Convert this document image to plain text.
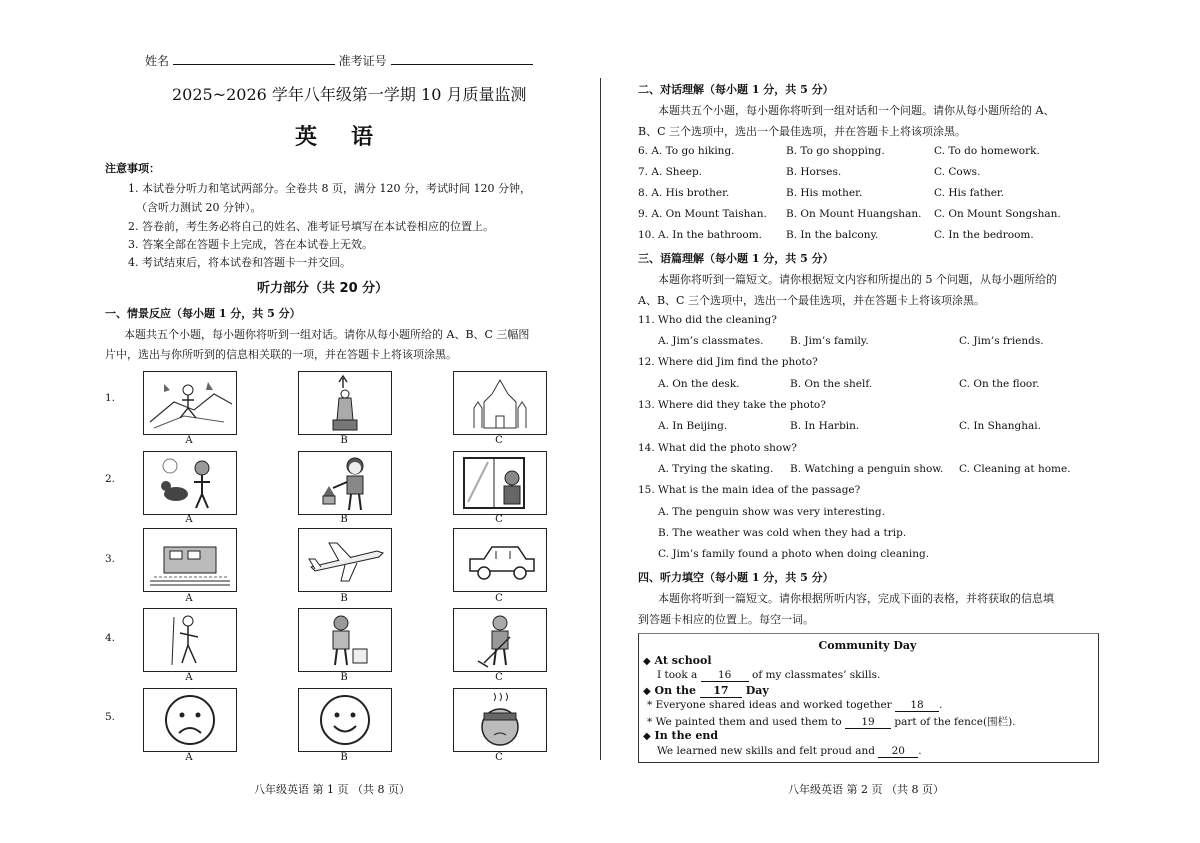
姓名	准考证号
2025~2026 学年八年级第一学期 10 月质量监测
英　语
注意事项：
1. 本试卷分听力和笔试两部分。全卷共 8 页，满分 120 分，考试时间 120 分钟，
（含听力测试 20 分钟）。
2. 答卷前，考生务必将自己的姓名、准考证号填写在本试卷相应的位置上。
3. 答案全部在答题卡上完成，答在本试卷上无效。
4. 考试结束后，将本试卷和答题卡一并交回。
听力部分（共 20 分）
一、情景反应（每小题 1 分，共 5 分）
本题共五个小题，每小题你将听到一组对话。请你从每小题所给的 A、B、C 三幅图
片中，选出与你所听到的信息相关联的一项，并在答题卡上将该项涂黑。
1.
A	B	C
2.
A	B	C
3.
A	B	C
4.
A	B	C
5.
A	B	C
八年级英语 第 1 页 （共 8 页）
二、对话理解（每小题 1 分，共 5 分）
本题共五个小题，每小题你将听到一组对话和一个问题。请你从每小题所给的 A、
B、C 三个选项中，选出一个最佳选项，并在答题卡上将该项涂黑。
6. A. To go hiking.	B. To go shopping.	C. To do homework.
7. A. Sheep.	B. Horses.	C. Cows.
8. A. His brother.	B. His mother.	C. His father.
9. A. On Mount Taishan. B. On Mount Huangshan. C. On Mount Songshan.
10. A. In the bathroom. B. In the balcony.	C. In the bedroom.
三、语篇理解（每小题 1 分，共 5 分）
本题你将听到一篇短文。请你根据短文内容和所提出的 5 个问题，从每小题所给的
A、B、C 三个选项中，选出一个最佳选项，并在答题卡上将该项涂黑。
11. Who did the cleaning?
A. Jim’s classmates.	B. Jim’s family.	C. Jim’s friends.
12. Where did Jim find the photo?
A. On the desk.	B. On the shelf.	C. On the floor.
13. Where did they take the photo?
A. In Beijing.	B. In Harbin.	C. In Shanghai.
14. What did the photo show?
A. Trying the skating. B. Watching a penguin show. C. Cleaning at home.
15. What is the main idea of the passage?
A. The penguin show was very interesting.
B. The weather was cold when they had a trip.
C. Jim’s family found a photo when doing cleaning.
四、听力填空（每小题 1 分，共 5 分）
本题你将听到一篇短文。请你根据所听内容，完成下面的表格，并将获取的信息填
到答题卡相应的位置上。每空一词。
Community Day
◆ At school
I took a 16 of my classmates’ skills.
◆ On the 17 Day
* Everyone shared ideas and worked together 18 .
* We painted them and used them to 19 part of the fence(围栏).
◆ In the end
We learned new skills and felt proud and 20 .
八年级英语 第 2 页 （共 8 页）
